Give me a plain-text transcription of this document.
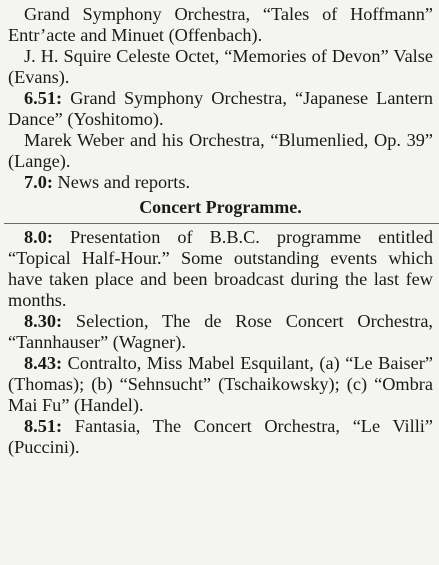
Grand Symphony Orchestra, “Tales of Hoffmann” Entr’acte and Minuet (Offenbach).

J. H. Squire Celeste Octet, “Memories of Devon” Valse (Evans).

6.51: Grand Symphony Orchestra, “Japanese Lantern Dance” (Yoshitomo).

Marek Weber and his Orchestra, “Blumenlied, Op. 39” (Lange).

7.0: News and reports.

Concert Programme.

8.0: Presentation of B.B.C. programme entitled “Topical Half-Hour.” Some outstanding events which have taken place and been broadcast during the last few months.

8.30: Selection, The de Rose Concert Orchestra, “Tannhauser” (Wagner).

8.43: Contralto, Miss Mabel Esquilant, (a) “Le Baiser” (Thomas); (b) “Sehnsucht” (Tschaikowsky); (c) “Ombra Mai Fu” (Handel).

8.51: Fantasia, The Concert Orchestra, “Le Villi” (Puccini).
